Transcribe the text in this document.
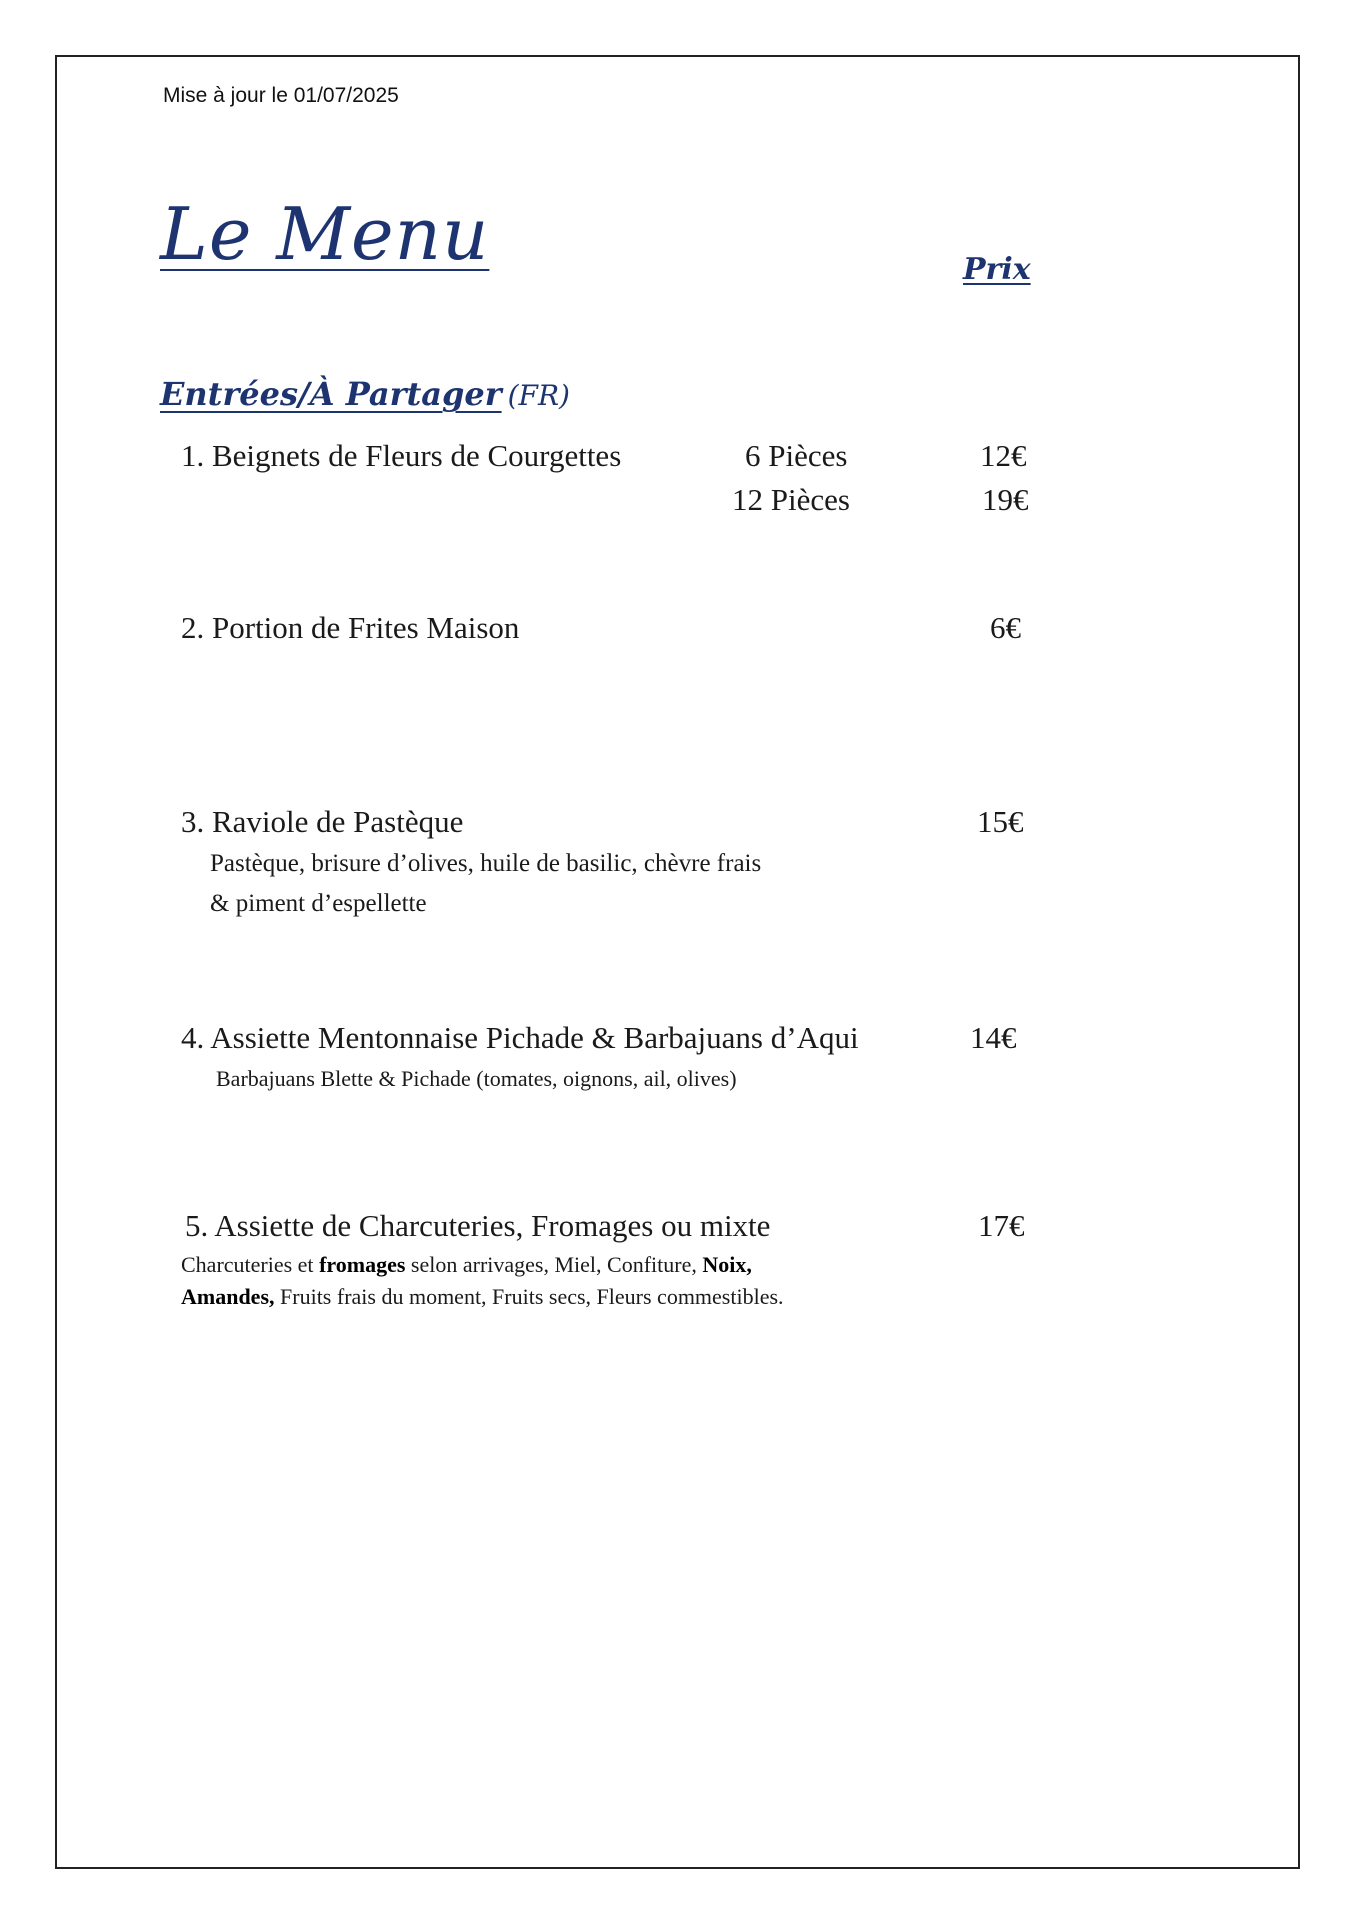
Mise à jour le 01/07/2025
Le Menu	Prix
Entrées/À Partager (FR)
1. Beignets de Fleurs de Courgettes	6 Pièces	12€
12 Pièces	19€
2. Portion de Frites Maison	6€
3. Raviole de Pastèque	15€
Pastèque, brisure d’olives, huile de basilic, chèvre frais
& piment d’espellette
4. Assiette Mentonnaise Pichade & Barbajuans d’Aqui	14€
Barbajuans Blette & Pichade (tomates, oignons, ail, olives)
5. Assiette de Charcuteries, Fromages ou mixte	17€
Charcuteries et fromages selon arrivages, Miel, Confiture, Noix,
Amandes, Fruits frais du moment, Fruits secs, Fleurs commestibles.
